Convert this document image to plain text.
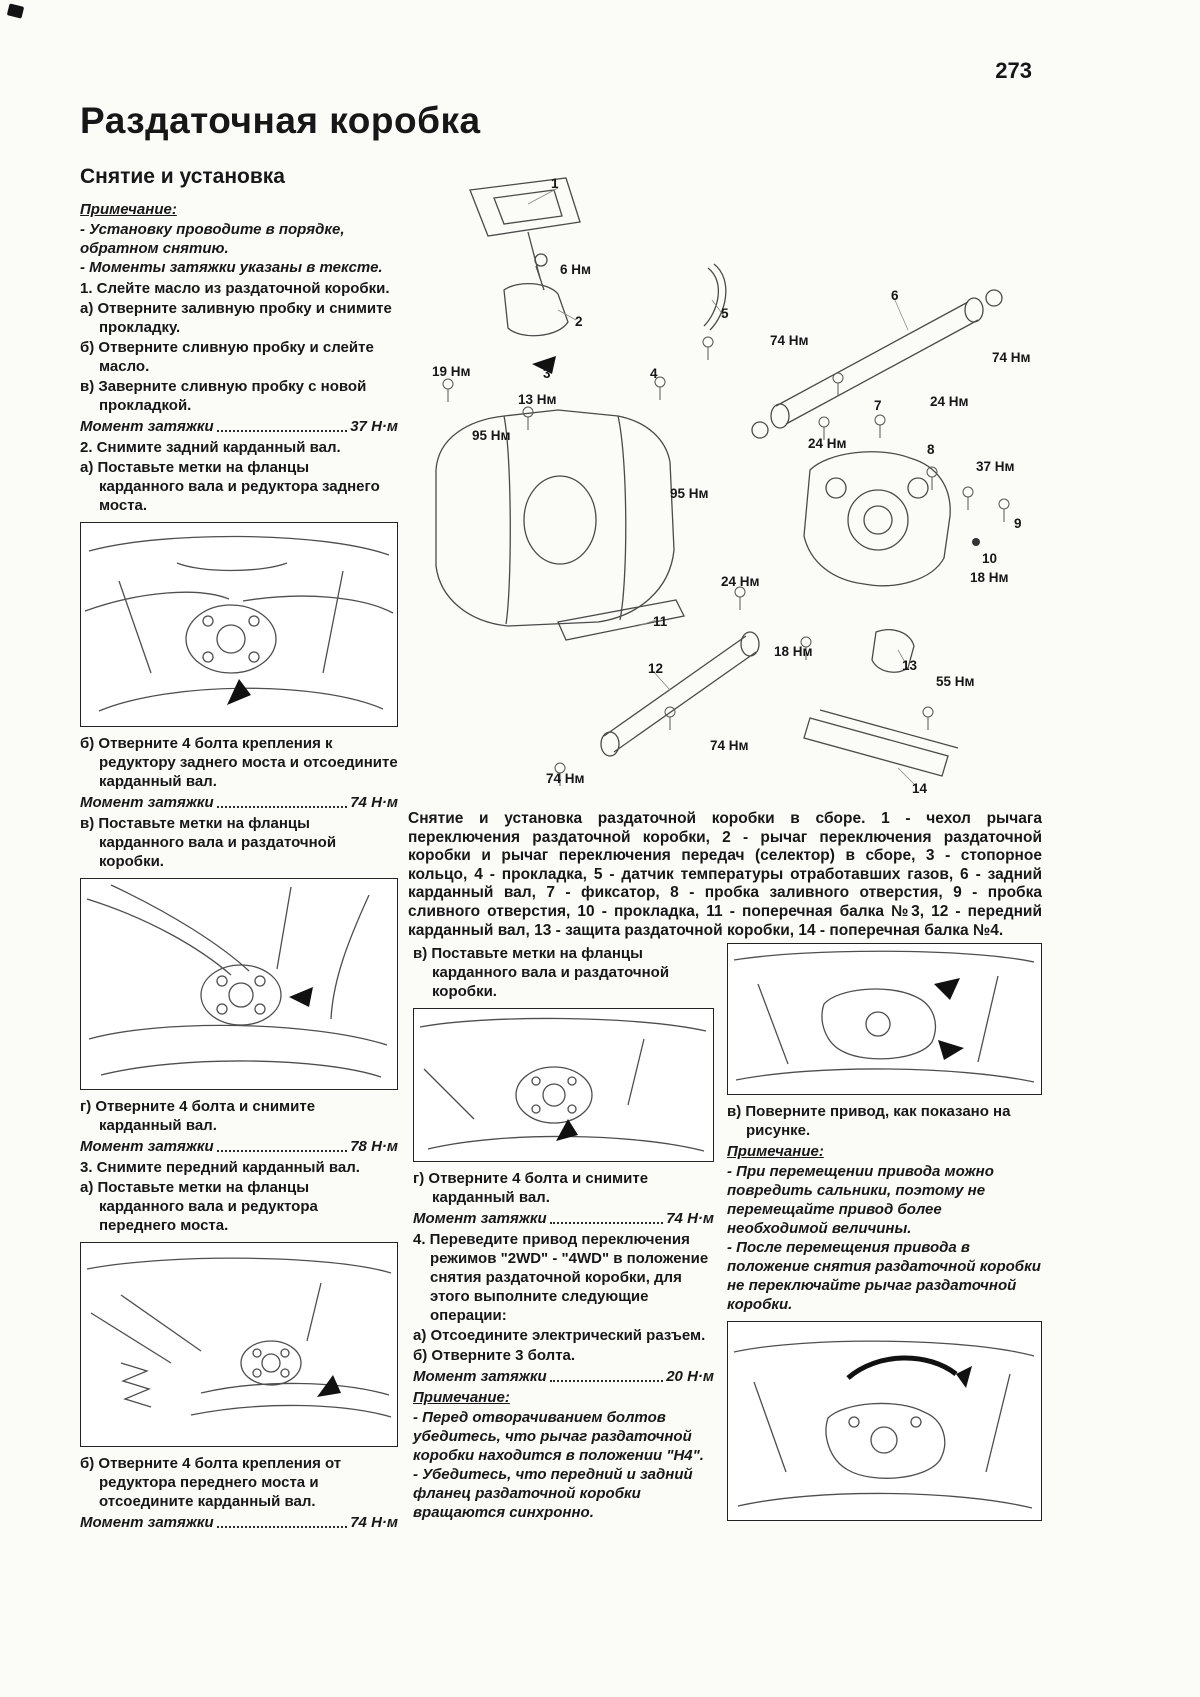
273
Раздаточная коробка
Снятие и установка
Примечание:
- Установку проводите в порядке, обратном снятию.
- Моменты затяжки указаны в тексте.
1. Слейте масло из раздаточной коробки.
а) Отверните заливную пробку и снимите прокладку.
б) Отверните сливную пробку и слейте масло.
в) Заверните сливную пробку с новой прокладкой.
Момент затяжки	37 Н·м
2. Снимите задний карданный вал.
а) Поставьте метки на фланцы карданного вала и редуктора заднего моста.
б) Отверните 4 болта крепления к редуктору заднего моста и отсоедините карданный вал.
Момент затяжки	74 Н·м
в) Поставьте метки на фланцы карданного вала и раздаточной коробки.
г) Отверните 4 болта и снимите карданный вал.
Момент затяжки	78 Н·м
3. Снимите передний карданный вал.
а) Поставьте метки на фланцы карданного вала и редуктора переднего моста.
б) Отверните 4 болта крепления от редуктора переднего моста и отсоедините карданный вал.
Момент затяжки	74 Н·м
1
6 Нм
2
5
6
74 Нм
74 Нм
19 Нм	3	4
13 Нм	7	24 Нм
95 Нм
24 Нм	8
37 Нм
95 Нм
9
10
18 Нм
24 Нм
11
18 Нм
13
55 Нм
12
74 Нм
74 Нм
14
Снятие и установка раздаточной коробки в сборе. 1 - чехол рычага переключения раздаточной коробки, 2 - рычаг переключения раздаточной коробки и рычаг переключения передач (селектор) в сборе, 3 - стопорное кольцо, 4 - прокладка, 5 - датчик температуры отработавших газов, 6 - задний карданный вал, 7 - фиксатор, 8 - пробка заливного отверстия, 9 - пробка сливного отверстия, 10 - прокладка, 11 - поперечная балка №3, 12 - передний карданный вал, 13 - защита раздаточной коробки, 14 - поперечная балка №4.
в) Поставьте метки на фланцы карданного вала и раздаточной коробки.
г) Отверните 4 болта и снимите карданный вал.
Момент затяжки	74 Н·м
4. Переведите привод переключения режимов "2WD" - "4WD" в положение снятия раздаточной коробки, для этого выполните следующие операции:
а) Отсоедините электрический разъем.
б) Отверните 3 болта.
Момент затяжки	20 Н·м
Примечание:
- Перед отворачиванием болтов убедитесь, что рычаг раздаточной коробки находится в положении "Н4".
- Убедитесь, что передний и задний фланец раздаточной коробки вращаются синхронно.
в) Поверните привод, как показано на рисунке.
Примечание:
- При перемещении привода можно повредить сальники, поэтому не перемещайте привод более необходимой величины.
- После перемещения привода в положение снятия раздаточной коробки не переключайте рычаг раздаточной коробки.
